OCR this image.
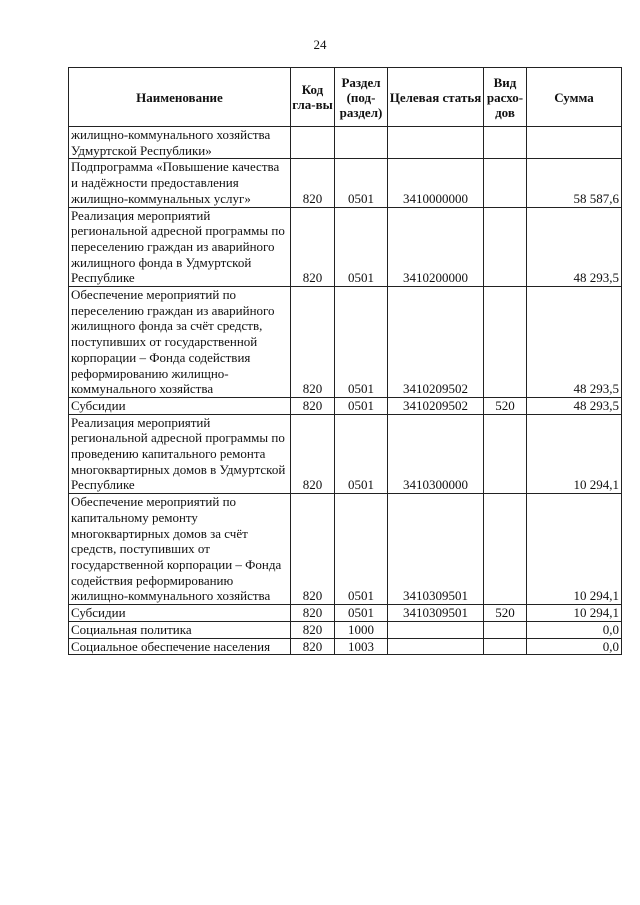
24
Наименование	Код гла-вы	Раздел (под-раздел)	Целевая статья	Вид расхо-дов	Сумма
жилищно-коммунального хозяйства Удмуртской Республики»					
Подпрограмма «Повышение качества и надёжности предоставления жилищно-коммунальных услуг»	820	0501	3410000000		58 587,6
Реализация мероприятий региональной адресной программы по переселению граждан из аварийного жилищного фонда в Удмуртской Республике	820	0501	3410200000		48 293,5
Обеспечение мероприятий по переселению граждан из аварийного жилищного фонда за счёт средств, поступивших от государственной корпорации – Фонда содействия реформированию жилищно-коммунального хозяйства	820	0501	3410209502		48 293,5
Субсидии	820	0501	3410209502	520	48 293,5
Реализация мероприятий региональной адресной программы по проведению капитального ремонта многоквартирных домов в Удмуртской Республике	820	0501	3410300000		10 294,1
Обеспечение мероприятий по капитальному ремонту многоквартирных домов за счёт средств, поступивших от государственной корпорации – Фонда содействия реформированию жилищно-коммунального хозяйства	820	0501	3410309501		10 294,1
Субсидии	820	0501	3410309501	520	10 294,1
Социальная политика	820	1000			0,0
Социальное обеспечение населения	820	1003			0,0
